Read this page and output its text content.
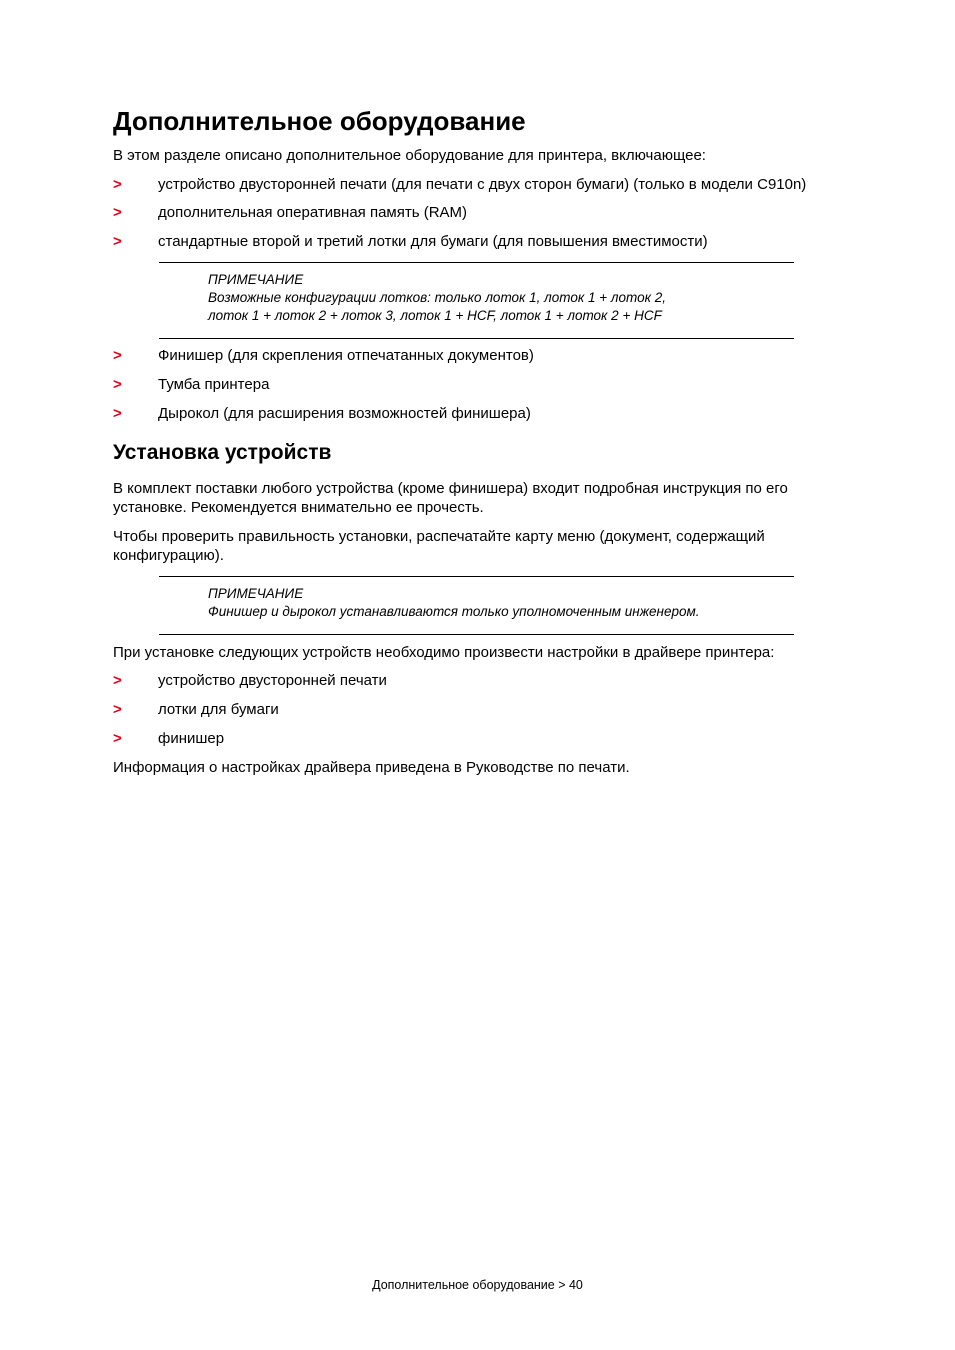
Дополнительное оборудование
В этом разделе описано дополнительное оборудование для принтера, включающее:
> устройство двусторонней печати (для печати с двух сторон бумаги) (только в модели C910n)
> дополнительная оперативная память (RAM)
> стандартные второй и третий лотки для бумаги (для повышения вместимости)
ПРИМЕЧАНИЕ
Возможные конфигурации лотков: только лоток 1, лоток 1 + лоток 2,
лоток 1 + лоток 2 + лоток 3, лоток 1 + HCF, лоток 1 + лоток 2 + HCF
> Финишер (для скрепления отпечатанных документов)
> Тумба принтера
> Дырокол (для расширения возможностей финишера)
Установка устройств
В комплект поставки любого устройства (кроме финишера) входит подробная инструкция по его установке. Рекомендуется внимательно ее прочесть.
Чтобы проверить правильность установки, распечатайте карту меню (документ, содержащий конфигурацию).
ПРИМЕЧАНИЕ
Финишер и дырокол устанавливаются только уполномоченным инженером.
При установке следующих устройств необходимо произвести настройки в драйвере принтера:
> устройство двусторонней печати
> лотки для бумаги
> финишер
Информация о настройках драйвера приведена в Руководстве по печати.
Дополнительное оборудование > 40
